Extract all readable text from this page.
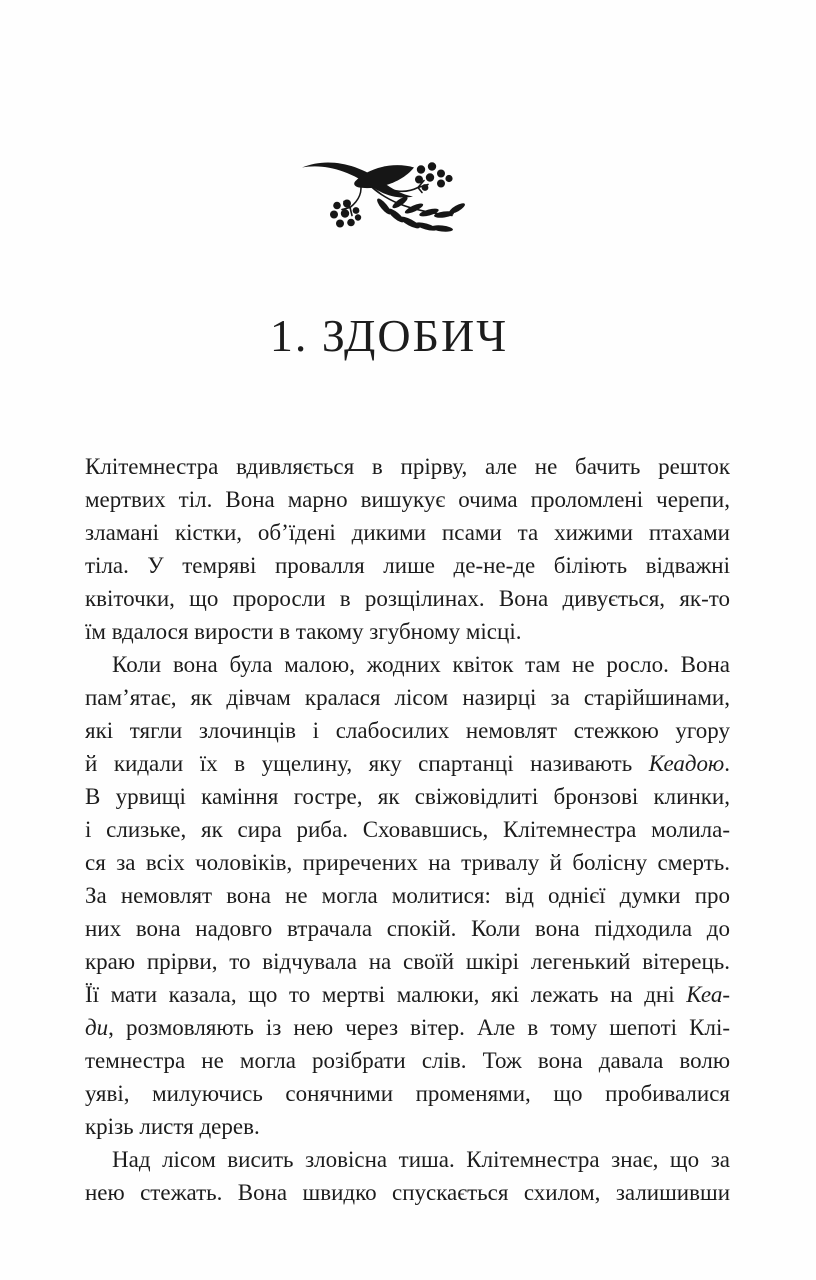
1. ЗДОБИЧ
Клітемнестра вдивляється в прірву, але не бачить решток
мертвих тіл. Вона марно вишукує очима проломлені черепи,
зламані кістки, об’їдені дикими псами та хижими птахами
тіла. У темряві провалля лише де-не-де біліють відважні
квіточки, що проросли в розщілинах. Вона дивується, як-то
їм вдалося вирости в такому згубному місці.
Коли вона була малою, жодних квіток там не росло. Вона
пам’ятає, як дівчам кралася лісом назирці за старійшинами,
які тягли злочинців і слабосилих немовлят стежкою угору
й кидали їх в ущелину, яку спартанці називають Кеадою.
В урвищі каміння гостре, як свіжовідлиті бронзові клинки,
і слизьке, як сира риба. Сховавшись, Клітемнестра молила-
ся за всіх чоловіків, приречених на тривалу й болісну смерть.
За немовлят вона не могла молитися: від однієї думки про
них вона надовго втрачала спокій. Коли вона підходила до
краю прірви, то відчувала на своїй шкірі легенький вітерець.
Її мати казала, що то мертві малюки, які лежать на дні Кеа-
ди, розмовляють із нею через вітер. Але в тому шепоті Клі-
темнестра не могла розібрати слів. Тож вона давала волю
уяві, милуючись сонячними променями, що пробивалися
крізь листя дерев.
Над лісом висить зловісна тиша. Клітемнестра знає, що за
нею стежать. Вона швидко спускається схилом, залишивши
